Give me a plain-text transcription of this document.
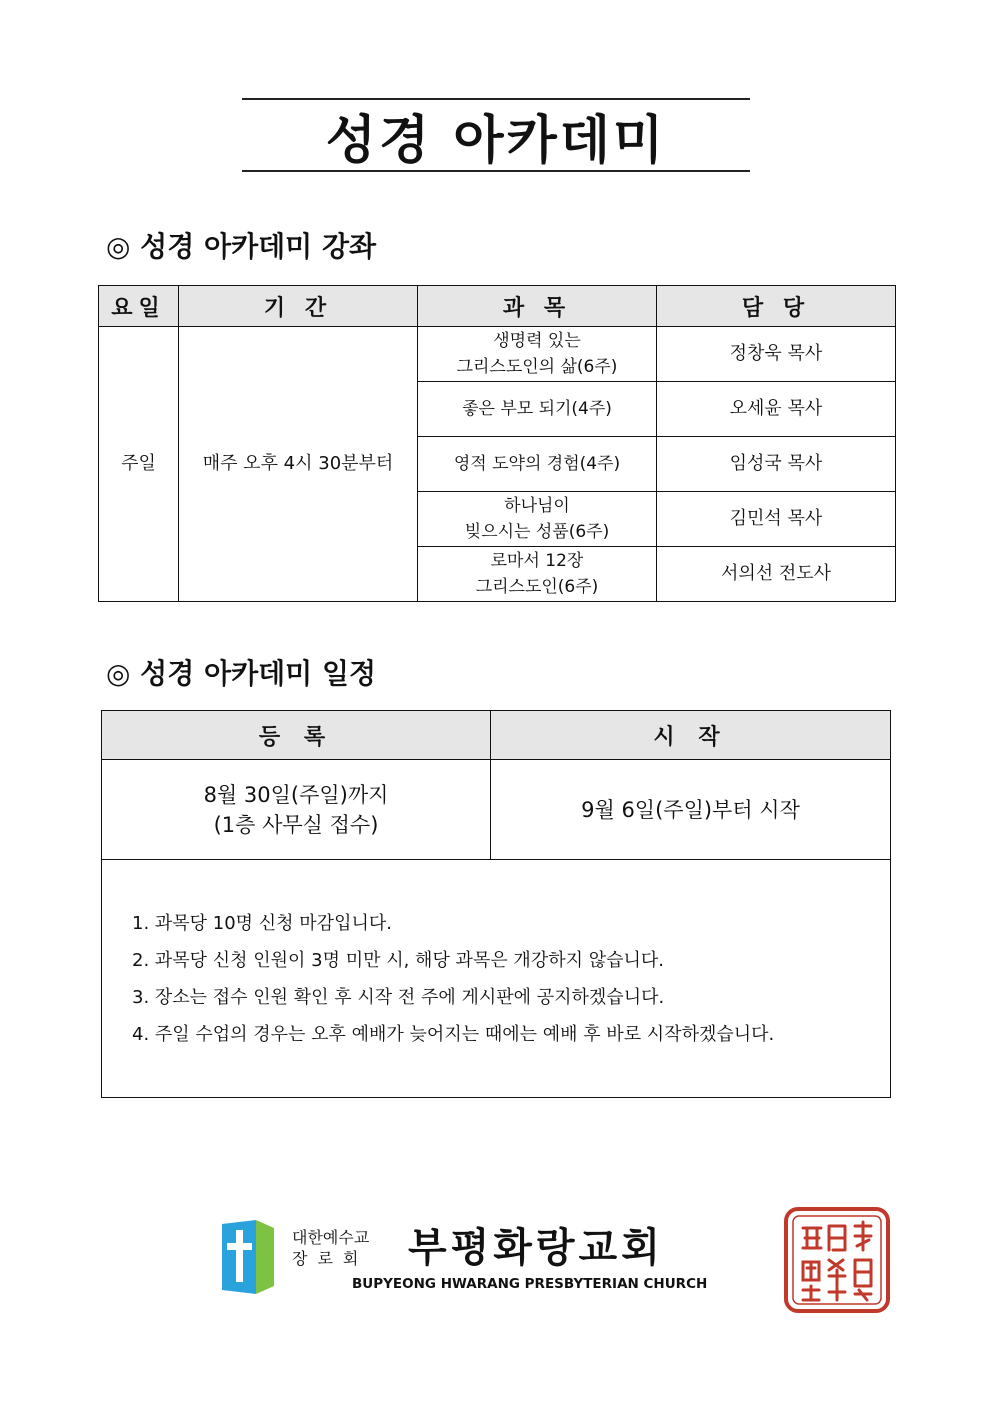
성경 아카데미
◎ 성경 아카데미 강좌
요일	기 간	과 목	담 당
주일	매주 오후 4시 30분부터	생명력 있는
그리스도인의 삶(6주)	정창욱 목사

		좋은 부모 되기(4주)	오세윤 목사

		영적 도약의 경험(4주)	임성국 목사

		하나님이
빚으시는 성품(6주)	김민석 목사

		로마서 12장
그리스도인(6주)	서의선 전도사
◎ 성경 아카데미 일정
등 록	시 작

8월 30일(주일)까지
(1층 사무실 접수)	9월 6일(주일)부터 시작

1. 과목당 10명 신청 마감입니다.
2. 과목당 신청 인원이 3명 미만 시, 해당 과목은 개강하지 않습니다.
3. 장소는 접수 인원 확인 후 시작 전 주에 게시판에 공지하겠습니다.
4. 주일 수업의 경우는 오후 예배가 늦어지는 때에는 예배 후 바로 시작하겠습니다.	
대한예수교
장로회 부평화랑교회
BUPYEONG HWARANG PRESBYTERIAN CHURCH
